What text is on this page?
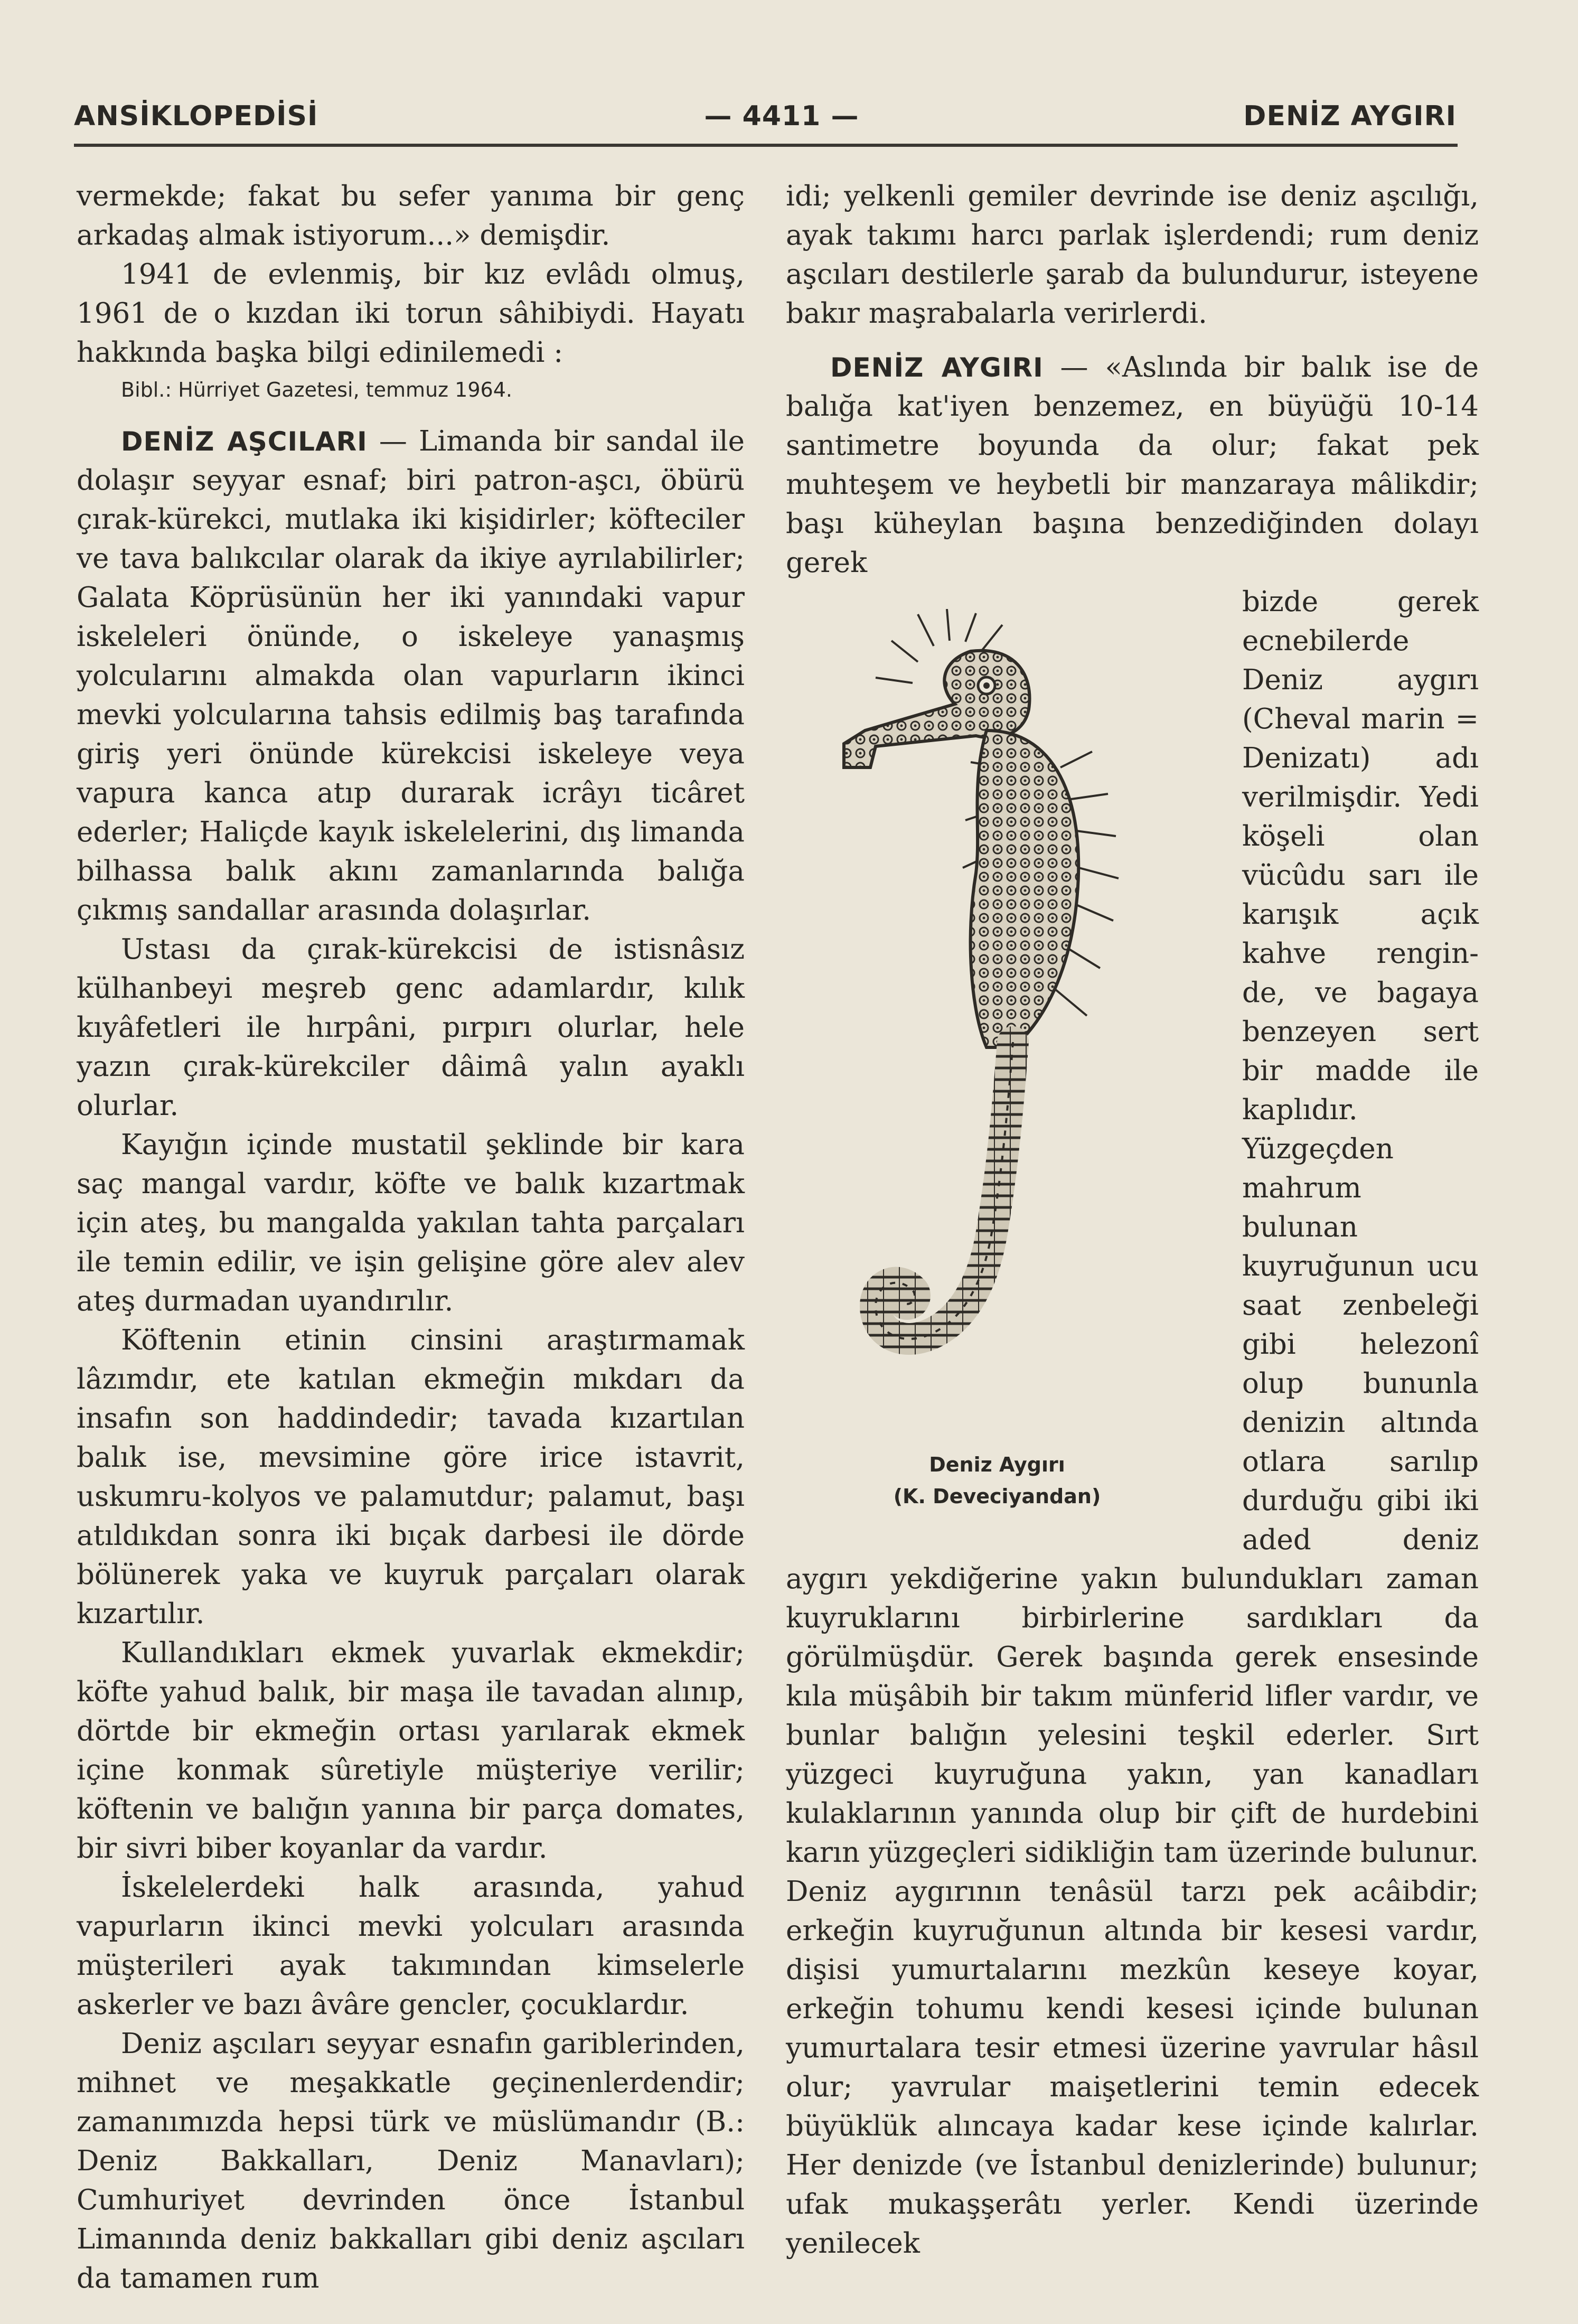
ANSİKLOPEDİSİ	— 4411 —	DENİZ AYGIRI

vermekde; fakat bu sefer yanıma bir genç arkadaş almak istiyorum...» demişdir.

1941 de evlenmiş, bir kız evlâdı olmuş, 1961 de o kızdan iki torun sâhibiydi. Hayatı hakkında başka bilgi edinilemedi :

Bibl.: Hürriyet Gazetesi, temmuz 1964.

DENİZ AŞCILARI — Limanda bir sandal ile dolaşır seyyar esnaf; biri patron-aşcı, öbürü çırak-kürekci, mutlaka iki kişidirler; köfteciler ve tava balıkcılar olarak da ikiye ayrılabilirler; Galata Köprüsünün her iki yanındaki vapur iskeleleri önünde, o iskeleye yanaşmış yolcularını almakda olan vapurların ikinci mevki yolcularına tahsis edilmiş baş tarafında giriş yeri önünde kürekcisi iskeleye veya vapura kanca atıp durarak icrâyı ticâret ederler; Haliçde kayık iskelelerini, dış limanda bilhassa balık akını zamanlarında balığa çıkmış sandallar arasında dolaşırlar.

Ustası da çırak-kürekcisi de istisnâsız külhanbeyi meşreb genc adamlardır, kılık kıyâfetleri ile hırpâni, pırpırı olurlar, hele yazın çırak-kürekciler dâimâ yalın ayaklı olurlar.

Kayığın içinde mustatil şeklinde bir kara saç mangal vardır, köfte ve balık kızartmak için ateş, bu mangalda yakılan tahta parçaları ile temin edilir, ve işin gelişine göre alev alev ateş durmadan uyandırılır.

Köftenin etinin cinsini araştırmamak lâzımdır, ete katılan ekmeğin mıkdarı da insafın son haddindedir; tavada kızartılan balık ise, mevsimine göre irice istavrit, uskumru-kolyos ve palamutdur; palamut, başı atıldıkdan sonra iki bıçak darbesi ile dörde bölünerek yaka ve kuyruk parçaları olarak kızartılır.

Kullandıkları ekmek yuvarlak ekmekdir; köfte yahud balık, bir maşa ile tavadan alınıp, dörtde bir ekmeğin ortası yarılarak ekmek içine konmak sûretiyle müşteriye verilir; köftenin ve balığın yanına bir parça domates, bir sivri biber koyanlar da vardır.

İskelelerdeki halk arasında, yahud vapurların ikinci mevki yolcuları arasında müşterileri ayak takımından kimselerle askerler ve bazı âvâre gencler, çocuklardır.

Deniz aşcıları seyyar esnafın gariblerinden, mihnet ve meşakkatle geçinenlerdendir; zamanımızda hepsi türk ve müslümandır (B.: Deniz Bakkalları, Deniz Manavları); Cumhuriyet devrinden önce İstanbul Limanında deniz bakkalları gibi deniz aşcıları da tamamen rum

idi; yelkenli gemiler devrinde ise deniz aşcılığı, ayak takımı harcı parlak işlerdendi; rum deniz aşcıları destilerle şarab da bulundurur, isteyene bakır maşrabalarla verirlerdi.

DENİZ AYGIRI — «Aslında bir balık ise de balığa kat'iyen benzemez, en büyüğü 10-14 santimetre boyunda da olur; fakat pek muhteşem ve heybetli bir manzaraya mâlikdir; başı küheylan başına benzediğinden dolayı gerek

Deniz Aygırı
(K. Deveciyandan)

bizde gerek ecnebilerde Deniz aygırı (Cheval marin = Denizatı) adı verilmişdir. Yedi köşeli olan vücûdu sarı ile karışık açık kahve rengin- de, ve bagaya benzeyen sert bir madde ile kaplıdır. Yüzgeçden mahrum bulunan kuyruğunun ucu saat zenbeleği gibi helezonî olup bununla denizin altında otlara sarılıp durduğu gibi iki aded deniz aygırı yekdiğerine yakın bulundukları zaman kuyruklarını birbirlerine sardıkları da görülmüşdür. Gerek başında gerek ensesinde kıla müşâbih bir takım münferid lifler vardır, ve bunlar balığın yelesini teşkil ederler. Sırt yüzgeci kuyruğuna yakın, yan kanadları kulaklarının yanında olup bir çift de hurdebini karın yüzgeçleri sidikliğin tam üzerinde bulunur. Deniz aygırının tenâsül tarzı pek acâibdir; erkeğin kuyruğunun altında bir kesesi vardır, dişisi yumurtalarını mezkûn keseye koyar, erkeğin tohumu kendi kesesi içinde bulunan yumurtalara tesir etmesi üzerine yavrular hâsıl olur; yavrular maişetlerini temin edecek büyüklük alıncaya kadar kese içinde kalırlar. Her denizde (ve İstanbul denizlerinde) bulunur; ufak mukaşşerâtı yerler. Kendi üzerinde yenilecek
